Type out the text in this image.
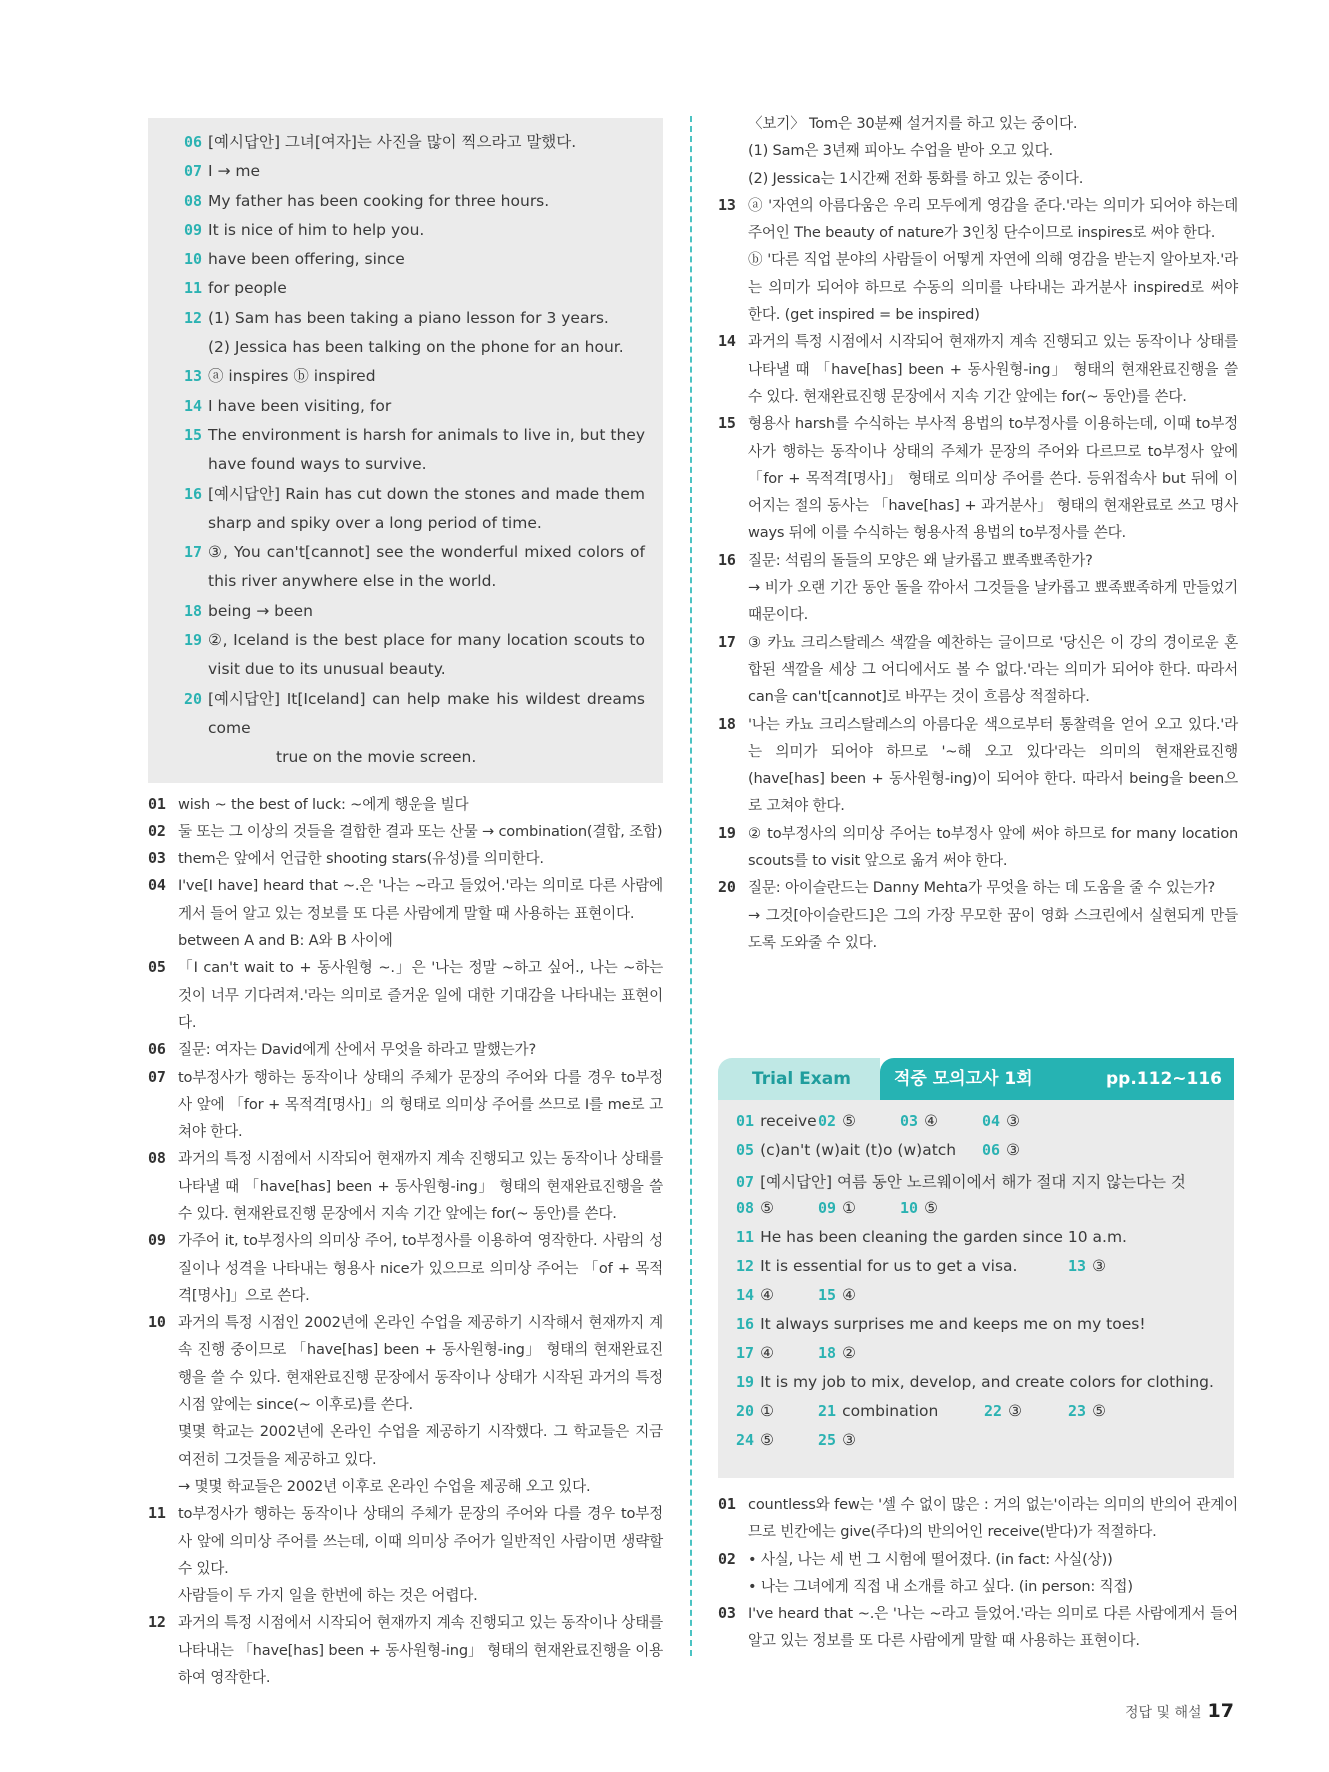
06 [예시답안] 그녀[여자]는 사진을 많이 찍으라고 말했다.
07 I → me
08 My father has been cooking for three hours.
09 It is nice of him to help you.
10 have been offering, since
11 for people
12 (1) Sam has been taking a piano lesson for 3 years.
(2) Jessica has been talking on the phone for an hour.
13 ⓐ inspires ⓑ inspired
14 I have been visiting, for
15 The environment is harsh for animals to live in, but they have found ways to survive.
16 [예시답안] Rain has cut down the stones and made them sharp and spiky over a long period of time.
17 ③, You can't[cannot] see the wonderful mixed colors of this river anywhere else in the world.
18 being → been
19 ②, Iceland is the best place for many location scouts to visit due to its unusual beauty.
20 [예시답안] It[Iceland] can help make his wildest dreams come
true on the movie screen.
01 wish ~ the best of luck: ~에게 행운을 빌다
02 둘 또는 그 이상의 것들을 결합한 결과 또는 산물 → combination(결합, 조합)
03 them은 앞에서 언급한 shooting stars(유성)를 의미한다.
04 I've[I have] heard that ~.은 '나는 ~라고 들었어.'라는 의미로 다른 사람에게서 들어 알고 있는 정보를 또 다른 사람에게 말할 때 사용하는 표현이다.
between A and B: A와 B 사이에
05 「I can't wait to + 동사원형 ~.」은 '나는 정말 ~하고 싶어., 나는 ~하는 것이 너무 기다려져.'라는 의미로 즐거운 일에 대한 기대감을 나타내는 표현이다.
06 질문: 여자는 David에게 산에서 무엇을 하라고 말했는가?
07 to부정사가 행하는 동작이나 상태의 주체가 문장의 주어와 다를 경우 to부정사 앞에 「for + 목적격[명사]」의 형태로 의미상 주어를 쓰므로 I를 me로 고쳐야 한다.
08 과거의 특정 시점에서 시작되어 현재까지 계속 진행되고 있는 동작이나 상태를 나타낼 때 「have[has] been + 동사원형-ing」 형태의 현재완료진행을 쓸 수 있다. 현재완료진행 문장에서 지속 기간 앞에는 for(~ 동안)를 쓴다.
09 가주어 it, to부정사의 의미상 주어, to부정사를 이용하여 영작한다. 사람의 성질이나 성격을 나타내는 형용사 nice가 있으므로 의미상 주어는 「of + 목적격[명사]」으로 쓴다.
10 과거의 특정 시점인 2002년에 온라인 수업을 제공하기 시작해서 현재까지 계속 진행 중이므로 「have[has] been + 동사원형-ing」 형태의 현재완료진행을 쓸 수 있다. 현재완료진행 문장에서 동작이나 상태가 시작된 과거의 특정 시점 앞에는 since(~ 이후로)를 쓴다.
몇몇 학교는 2002년에 온라인 수업을 제공하기 시작했다. 그 학교들은 지금 여전히 그것들을 제공하고 있다.
→ 몇몇 학교들은 2002년 이후로 온라인 수업을 제공해 오고 있다.
11 to부정사가 행하는 동작이나 상태의 주체가 문장의 주어와 다를 경우 to부정사 앞에 의미상 주어를 쓰는데, 이때 의미상 주어가 일반적인 사람이면 생략할 수 있다.
사람들이 두 가지 일을 한번에 하는 것은 어렵다.
12 과거의 특정 시점에서 시작되어 현재까지 계속 진행되고 있는 동작이나 상태를 나타내는 「have[has] been + 동사원형-ing」 형태의 현재완료진행을 이용하여 영작한다.
〈보기〉 Tom은 30분째 설거지를 하고 있는 중이다.
(1) Sam은 3년째 피아노 수업을 받아 오고 있다.
(2) Jessica는 1시간째 전화 통화를 하고 있는 중이다.
13 ⓐ '자연의 아름다움은 우리 모두에게 영감을 준다.'라는 의미가 되어야 하는데 주어인 The beauty of nature가 3인칭 단수이므로 inspires로 써야 한다.
ⓑ '다른 직업 분야의 사람들이 어떻게 자연에 의해 영감을 받는지 알아보자.'라는 의미가 되어야 하므로 수동의 의미를 나타내는 과거분사 inspired로 써야 한다. (get inspired = be inspired)
14 과거의 특정 시점에서 시작되어 현재까지 계속 진행되고 있는 동작이나 상태를 나타낼 때 「have[has] been + 동사원형-ing」 형태의 현재완료진행을 쓸 수 있다. 현재완료진행 문장에서 지속 기간 앞에는 for(~ 동안)를 쓴다.
15 형용사 harsh를 수식하는 부사적 용법의 to부정사를 이용하는데, 이때 to부정사가 행하는 동작이나 상태의 주체가 문장의 주어와 다르므로 to부정사 앞에 「for + 목적격[명사]」 형태로 의미상 주어를 쓴다. 등위접속사 but 뒤에 이어지는 절의 동사는 「have[has] + 과거분사」 형태의 현재완료로 쓰고 명사 ways 뒤에 이를 수식하는 형용사적 용법의 to부정사를 쓴다.
16 질문: 석림의 돌들의 모양은 왜 날카롭고 뾰족뾰족한가?
→ 비가 오랜 기간 동안 돌을 깎아서 그것들을 날카롭고 뾰족뾰족하게 만들었기 때문이다.
17 ③ 카뇨 크리스탈레스 색깔을 예찬하는 글이므로 '당신은 이 강의 경이로운 혼합된 색깔을 세상 그 어디에서도 볼 수 없다.'라는 의미가 되어야 한다. 따라서 can을 can't[cannot]로 바꾸는 것이 흐름상 적절하다.
18 '나는 카뇨 크리스탈레스의 아름다운 색으로부터 통찰력을 얻어 오고 있다.'라는 의미가 되어야 하므로 '~해 오고 있다'라는 의미의 현재완료진행 (have[has] been + 동사원형-ing)이 되어야 한다. 따라서 being을 been으로 고쳐야 한다.
19 ② to부정사의 의미상 주어는 to부정사 앞에 써야 하므로 for many location scouts를 to visit 앞으로 옮겨 써야 한다.
20 질문: 아이슬란드는 Danny Mehta가 무엇을 하는 데 도움을 줄 수 있는가?
→ 그것[아이슬란드]은 그의 가장 무모한 꿈이 영화 스크린에서 실현되게 만들도록 도와줄 수 있다.
Trial Exam	적중 모의고사 1회	pp.112~116
01 receive 02 ⑤	03 ④	04 ③
05 (c)an't (w)ait (t)o (w)atch 06 ③
07 [예시답안] 여름 동안 노르웨이에서 해가 절대 지지 않는다는 것
08 ⑤	09 ①	10 ⑤
11 He has been cleaning the garden since 10 a.m.
12 It is essential for us to get a visa.	13 ③
14 ④	15 ④
16 It always surprises me and keeps me on my toes!
17 ④	18 ②
19 It is my job to mix, develop, and create colors for clothing.
20 ①	21 combination	22 ③	23 ⑤
24 ⑤	25 ③
01 countless와 few는 '셀 수 없이 많은 : 거의 없는'이라는 의미의 반의어 관계이므로 빈칸에는 give(주다)의 반의어인 receive(받다)가 적절하다.
02 • 사실, 나는 세 번 그 시험에 떨어졌다. (in fact: 사실(상))
• 나는 그녀에게 직접 내 소개를 하고 싶다. (in person: 직접)
03 I've heard that ~.은 '나는 ~라고 들었어.'라는 의미로 다른 사람에게서 들어 알고 있는 정보를 또 다른 사람에게 말할 때 사용하는 표현이다.
정답 및 해설 17
